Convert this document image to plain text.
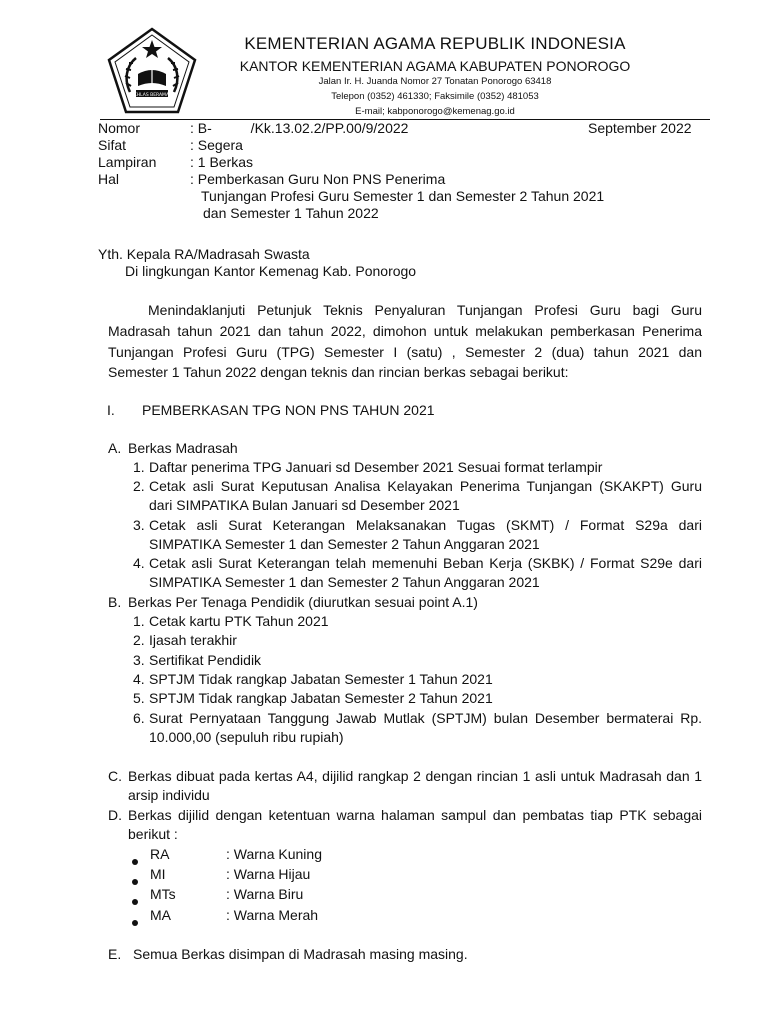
IKHLAS BERAMAL
KEMENTERIAN AGAMA REPUBLIK INDONESIA
KANTOR KEMENTERIAN AGAMA KABUPATEN PONOROGO
Jalan Ir. H. Juanda Nomor 27 Tonatan Ponorogo 63418
Telepon (0352) 461330; Faksimile (0352) 481053
E-mail; kabponorogo@kemenag.go.id
Nomor	: B-          /Kk.13.02.2/PP.00/9/2022	September 2022
Sifat	: Segera
Lampiran : 1 Berkas
Hal	: Pemberkasan Guru Non PNS Penerima
Tunjangan Profesi Guru Semester 1 dan Semester 2 Tahun 2021
dan Semester 1 Tahun 2022
Yth. Kepala RA/Madrasah Swasta
Di lingkungan Kantor Kemenag Kab. Ponorogo
Menindaklanjuti Petunjuk Teknis Penyaluran Tunjangan Profesi Guru bagi Guru
Madrasah tahun 2021 dan tahun 2022, dimohon untuk melakukan pemberkasan Penerima
Tunjangan Profesi Guru (TPG) Semester I (satu) , Semester 2 (dua) tahun 2021 dan
Semester 1 Tahun 2022 dengan teknis dan rincian berkas sebagai berikut:
I. PEMBERKASAN TPG NON PNS TAHUN 2021
A. Berkas Madrasah
1. Daftar penerima TPG Januari sd Desember 2021 Sesuai format terlampir
2. Cetak asli Surat Keputusan Analisa Kelayakan Penerima Tunjangan (SKAKPT) Guru
dari SIMPATIKA Bulan Januari sd Desember 2021
3. Cetak asli Surat Keterangan Melaksanakan Tugas (SKMT) / Format S29a dari
SIMPATIKA Semester 1 dan Semester 2 Tahun Anggaran 2021
4. Cetak asli Surat Keterangan telah memenuhi Beban Kerja (SKBK) / Format S29e dari
SIMPATIKA Semester 1 dan Semester 2 Tahun Anggaran 2021
B. Berkas Per Tenaga Pendidik (diurutkan sesuai point A.1)
1. Cetak kartu PTK Tahun 2021
2. Ijasah terakhir
3. Sertifikat Pendidik
4. SPTJM Tidak rangkap Jabatan Semester 1 Tahun 2021
5. SPTJM Tidak rangkap Jabatan Semester 2 Tahun 2021
6. Surat Pernyataan Tanggung Jawab Mutlak (SPTJM) bulan Desember bermaterai Rp.
10.000,00 (sepuluh ribu rupiah)
C. Berkas dibuat pada kertas A4, dijilid rangkap 2 dengan rincian 1 asli untuk Madrasah dan 1
arsip individu
D. Berkas dijilid dengan ketentuan warna halaman sampul dan pembatas tiap PTK sebagai
berikut :
RA	: Warna Kuning
MI	: Warna Hijau
MTs	: Warna Biru
MA	: Warna Merah
E. Semua Berkas disimpan di Madrasah masing masing.
